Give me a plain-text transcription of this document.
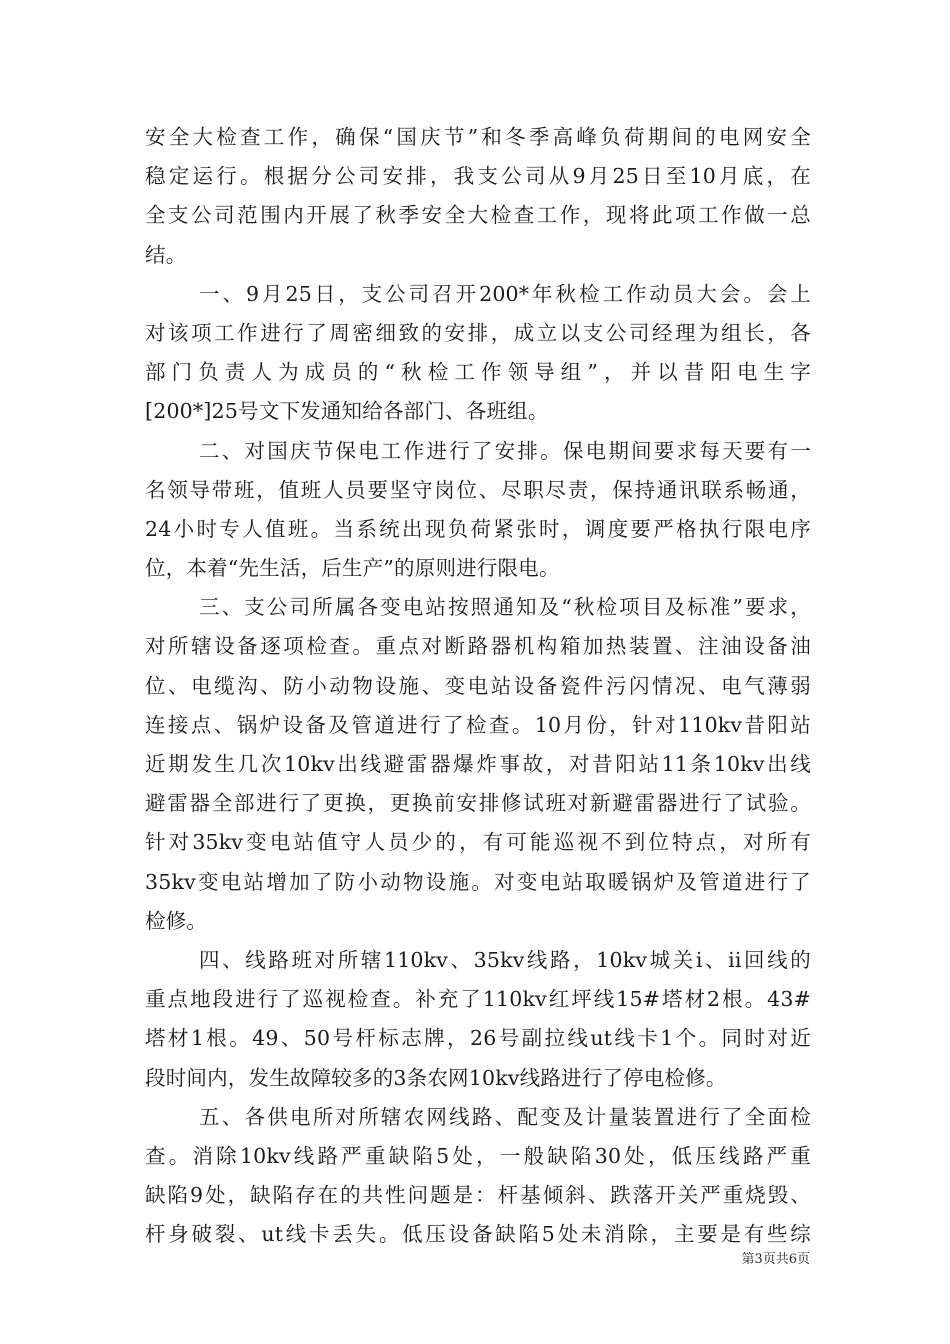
安全大检查工作，确保“国庆节”和冬季高峰负荷期间的电网安全
稳定运行。根据分公司安排，我支公司从9月25日至10月底，在
全支公司范围内开展了秋季安全大检查工作，现将此项工作做一总
结。
一、9月25日，支公司召开200*年秋检工作动员大会。会上
对该项工作进行了周密细致的安排，成立以支公司经理为组长，各
部门负责人为成员的“秋检工作领导组”，并以昔阳电生字
[200*]25号文下发通知给各部门、各班组。
二、对国庆节保电工作进行了安排。保电期间要求每天要有一
名领导带班，值班人员要坚守岗位、尽职尽责，保持通讯联系畅通，
24小时专人值班。当系统出现负荷紧张时，调度要严格执行限电序
位，本着“先生活，后生产”的原则进行限电。
三、支公司所属各变电站按照通知及“秋检项目及标准”要求，
对所辖设备逐项检查。重点对断路器机构箱加热装置、注油设备油
位、电缆沟、防小动物设施、变电站设备瓷件污闪情况、电气薄弱
连接点、锅炉设备及管道进行了检查。10月份，针对110kv昔阳站
近期发生几次10kv出线避雷器爆炸事故，对昔阳站11条10kv出线
避雷器全部进行了更换，更换前安排修试班对新避雷器进行了试验。
针对35kv变电站值守人员少的，有可能巡视不到位特点，对所有
35kv变电站增加了防小动物设施。对变电站取暖锅炉及管道进行了
检修。
四、线路班对所辖110kv、35kv线路，10kv城关i、ii回线的
重点地段进行了巡视检查。补充了110kv红坪线15#塔材2根。43#
塔材1根。49、50号杆标志牌，26号副拉线ut线卡1个。同时对近
段时间内，发生故障较多的3条农网10kv线路进行了停电检修。
五、各供电所对所辖农网线路、配变及计量装置进行了全面检
查。消除10kv线路严重缺陷5处，一般缺陷30处，低压线路严重
缺陷9处，缺陷存在的共性问题是：杆基倾斜、跌落开关严重烧毁、
杆身破裂、ut线卡丢失。低压设备缺陷5处未消除，主要是有些综
第3页共6页
